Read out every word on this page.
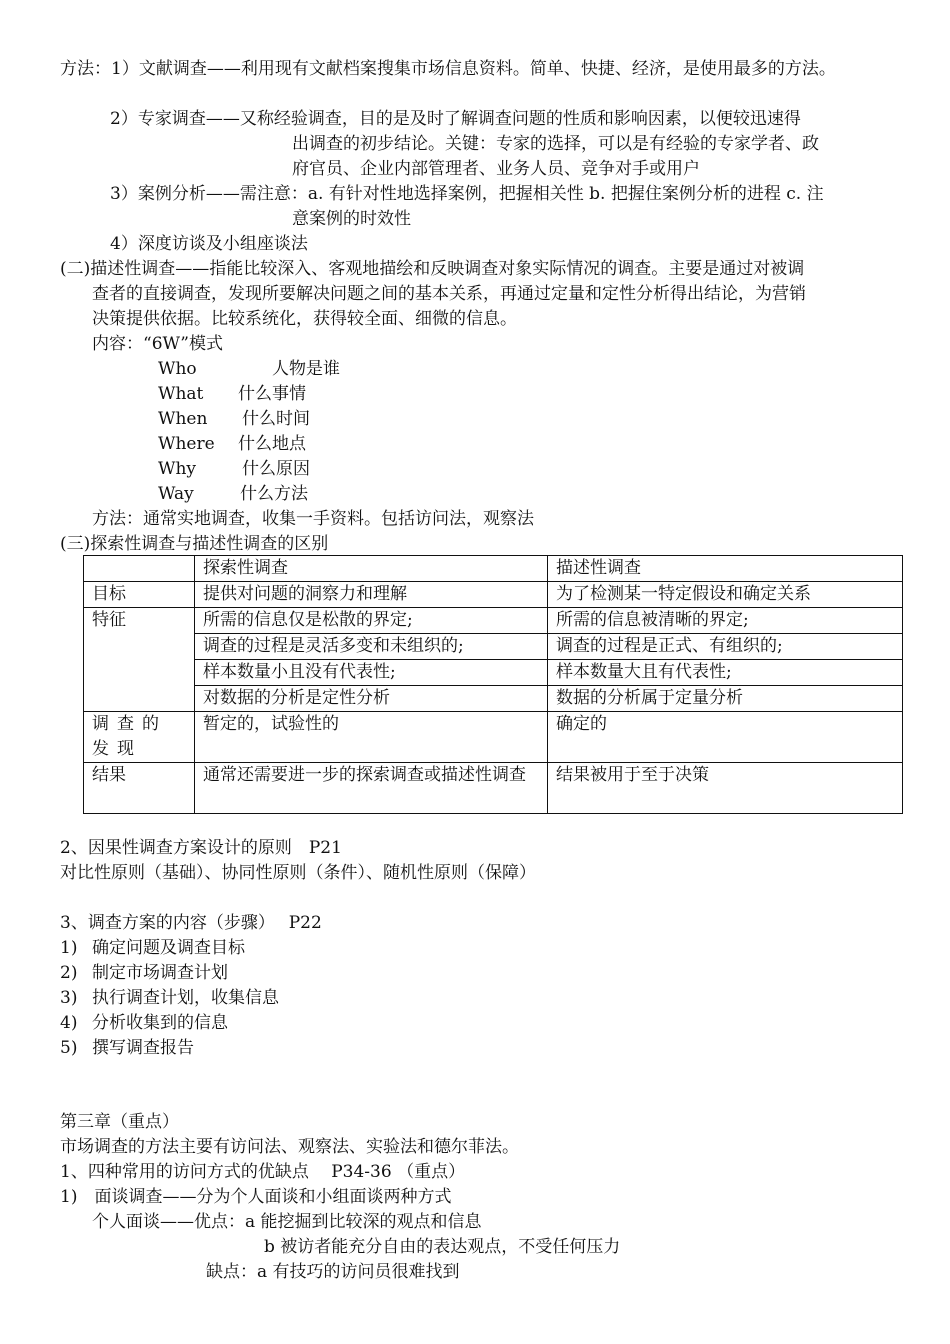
方法：1）文献调查——利用现有文献档案搜集市场信息资料。简单、快捷、经济，是使用最多的方法。
2）专家调查——又称经验调查，目的是及时了解调查问题的性质和影响因素，以便较迅速得
出调查的初步结论。关键：专家的选择，可以是有经验的专家学者、政
府官员、企业内部管理者、业务人员、竞争对手或用户
3）案例分析——需注意：a. 有针对性地选择案例，把握相关性 b. 把握住案例分析的进程 c. 注
意案例的时效性
4）深度访谈及小组座谈法
(二)描述性调查——指能比较深入、客观地描绘和反映调查对象实际情况的调查。主要是通过对被调
查者的直接调查，发现所要解决问题之间的基本关系，再通过定量和定性分析得出结论，为营销
决策提供依据。比较系统化，获得较全面、细微的信息。
内容：“6W”模式
Who	人物是谁
What 什么事情
When 什么时间
Where 什么地点
Why	什么原因
Way	什么方法
方法：通常实地调查，收集一手资料。包括访问法，观察法
(三)探索性调查与描述性调查的区别
	探索性调查	描述性调查
目标	提供对问题的洞察力和理解	为了检测某一特定假设和确定关系
特征	所需的信息仅是松散的界定;	所需的信息被清晰的界定;
	调查的过程是灵活多变和未组织的;	调查的过程是正式、有组织的;
	样本数量小且没有代表性;	样本数量大且有代表性;
	对数据的分析是定性分析	数据的分析属于定量分析
调查的发现	暂定的，试验性的	确定的
结果	通常还需要进一步的探索调查或描述性调查	结果被用于至于决策
2、因果性调查方案设计的原则　P21
对比性原则（基础）、协同性原则（条件）、随机性原则（保障）
3、调查方案的内容（步骤）　 P22
1) 确定问题及调查目标
2) 制定市场调查计划
3) 执行调查计划，收集信息
4) 分析收集到的信息
5) 撰写调查报告
第三章（重点）
市场调查的方法主要有访问法、观察法、实验法和德尔菲法。
1、四种常用的访问方式的优缺点　 P34-36 （重点）
1)　面谈调查——分为个人面谈和小组面谈两种方式
个人面谈——优点：a 能挖掘到比较深的观点和信息
b 被访者能充分自由的表达观点，不受任何压力
缺点：a 有技巧的访问员很难找到
